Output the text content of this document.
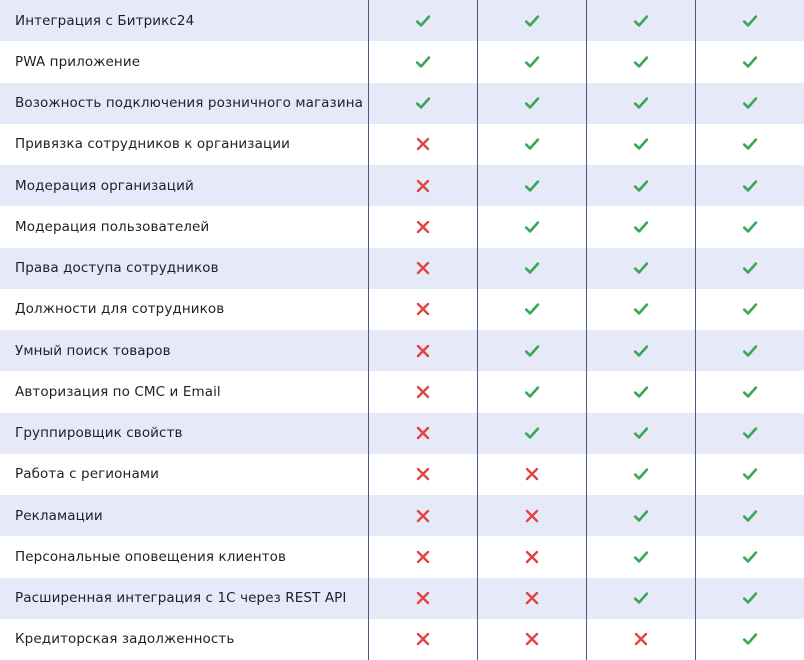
Интеграция с Битрикс24
PWA приложение
Возожность подключения розничного магазина
Привязка сотрудников к организации
Модерация организаций
Модерация пользователей
Права доступа сотрудников
Должности для сотрудников
Умный поиск товаров
Авторизация по СМС и Email
Группировщик свойств
Работа с регионами
Рекламации
Персональные оповещения клиентов
Расширенная интеграция с 1С через REST API
Кредиторская задолженность
